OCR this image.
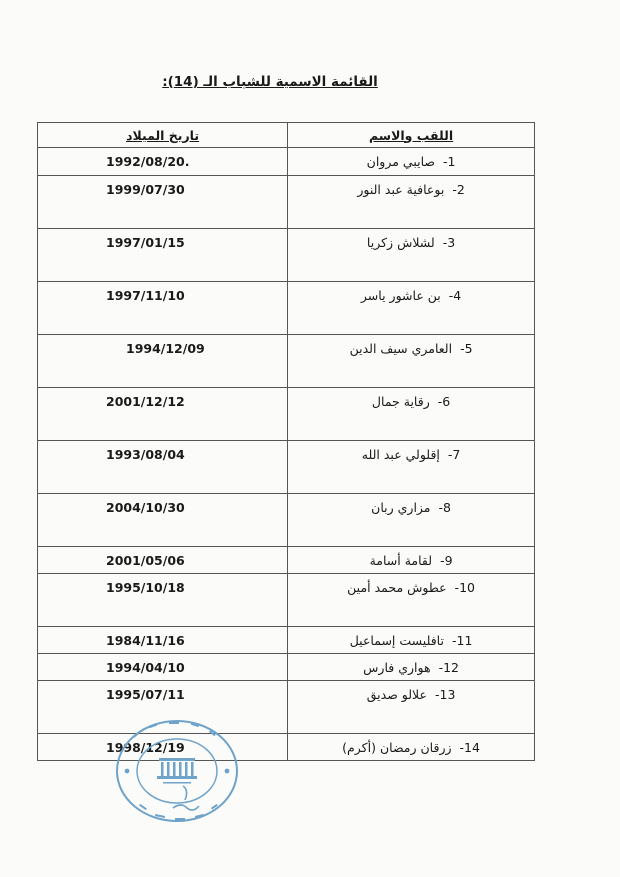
القائمة الاسمية للشباب الـ (14):
اللقب والاسم	تاريخ الميلاد
1-صايبي مروان	1992/08/20.
2-بوعافية عبد النور	1999/07/30
3-لشلاش زكريا	1997/01/15
4-بن عاشور ياسر	1997/11/10
5-العامري سيف الدين	1994/12/09
6-رقاية جمال	2001/12/12
7-إقلولي عبد الله	1993/08/04
8-مزاري ربان	2004/10/30
9-لقامة أسامة	2001/05/06
10-عطوش محمد أمين	1995/10/18
11-تافليست إسماعيل	1984/11/16
12-هواري فارس	1994/04/10
13-علالو صديق	1995/07/11
14-زرقان رمضان (أكرم)	1998/12/19
